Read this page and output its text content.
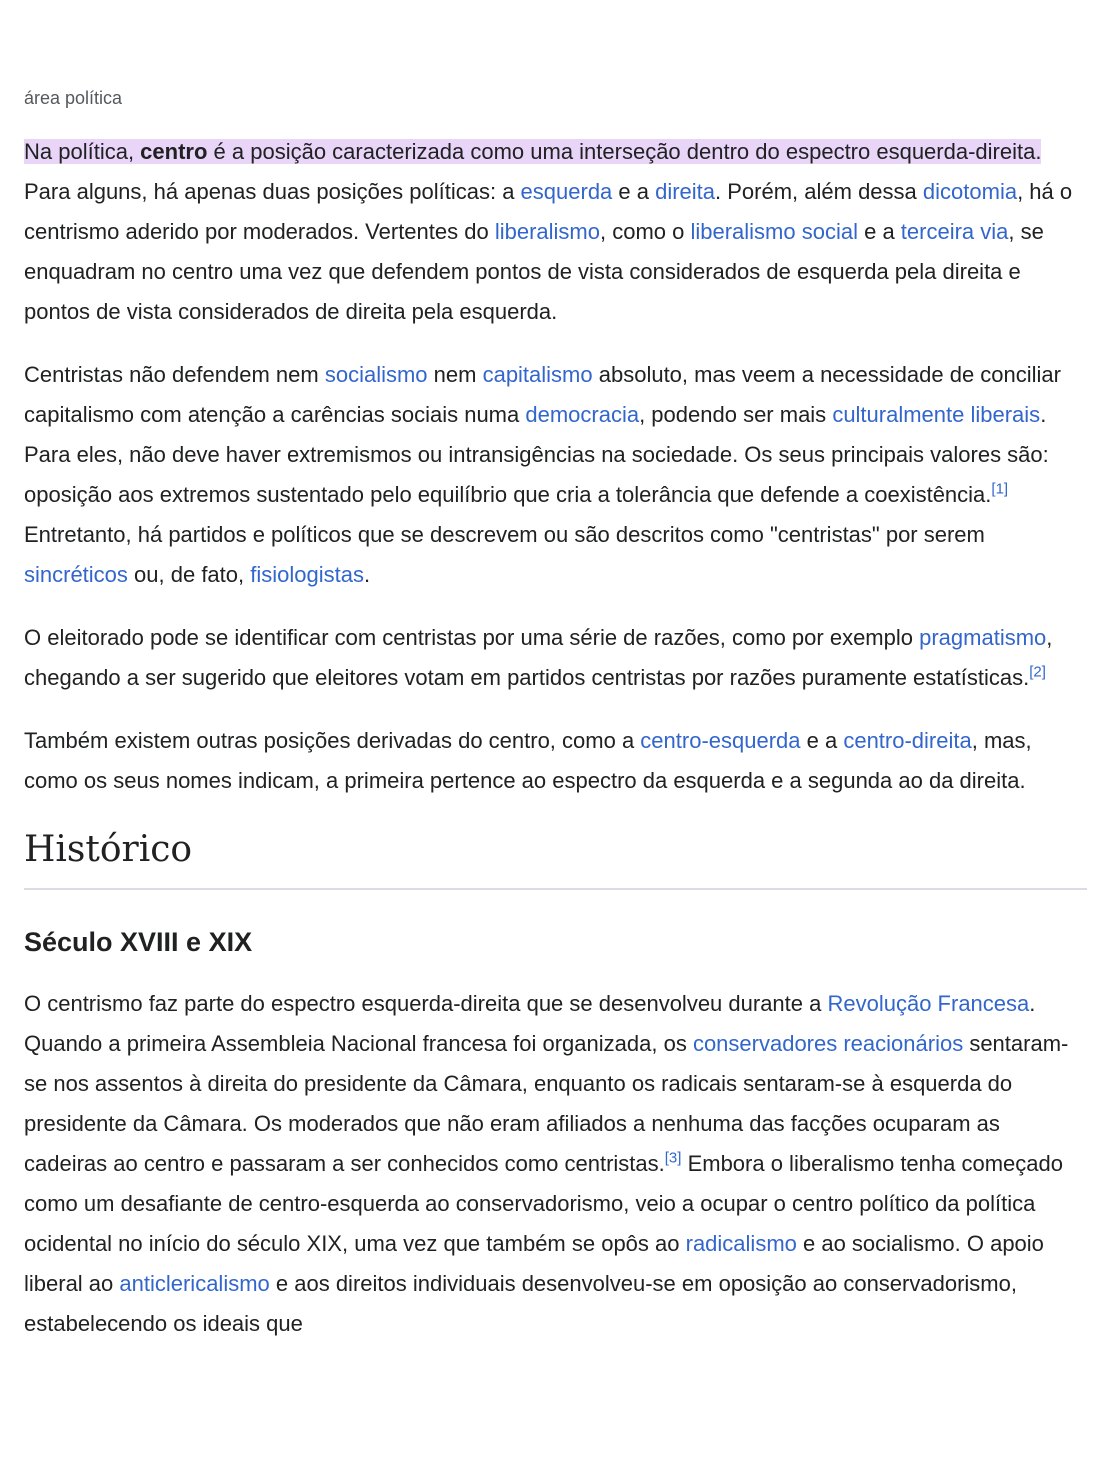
área política

Na política, centro é a posição caracterizada como uma interseção dentro do espectro esquerda-direita. Para alguns, há apenas duas posições políticas: a esquerda e a direita. Porém, além dessa dicotomia, há o centrismo aderido por moderados. Vertentes do liberalismo, como o liberalismo social e a terceira via, se enquadram no centro uma vez que defendem pontos de vista considerados de esquerda pela direita e pontos de vista considerados de direita pela esquerda.

Centristas não defendem nem socialismo nem capitalismo absoluto, mas veem a necessidade de conciliar capitalismo com atenção a carências sociais numa democracia, podendo ser mais culturalmente liberais. Para eles, não deve haver extremismos ou intransigências na sociedade. Os seus principais valores são: oposição aos extremos sustentado pelo equilíbrio que cria a tolerância que defende a coexistência.[1] Entretanto, há partidos e políticos que se descrevem ou são descritos como "centristas" por serem sincréticos ou, de fato, fisiologistas.

O eleitorado pode se identificar com centristas por uma série de razões, como por exemplo pragmatismo, chegando a ser sugerido que eleitores votam em partidos centristas por razões puramente estatísticas.[2]

Também existem outras posições derivadas do centro, como a centro-esquerda e a centro-direita, mas, como os seus nomes indicam, a primeira pertence ao espectro da esquerda e a segunda ao da direita.

Histórico
Século XVIII e XIX

O centrismo faz parte do espectro esquerda-direita que se desenvolveu durante a Revolução Francesa. Quando a primeira Assembleia Nacional francesa foi organizada, os conservadores reacionários sentaram-se nos assentos à direita do presidente da Câmara, enquanto os radicais sentaram-se à esquerda do presidente da Câmara. Os moderados que não eram afiliados a nenhuma das facções ocuparam as cadeiras ao centro e passaram a ser conhecidos como centristas.[3] Embora o liberalismo tenha começado como um desafiante de centro-esquerda ao conservadorismo, veio a ocupar o centro político da política ocidental no início do século XIX, uma vez que também se opôs ao radicalismo e ao socialismo. O apoio liberal ao anticlericalismo e aos direitos individuais desenvolveu-se em oposição ao conservadorismo, estabelecendo os ideais que
